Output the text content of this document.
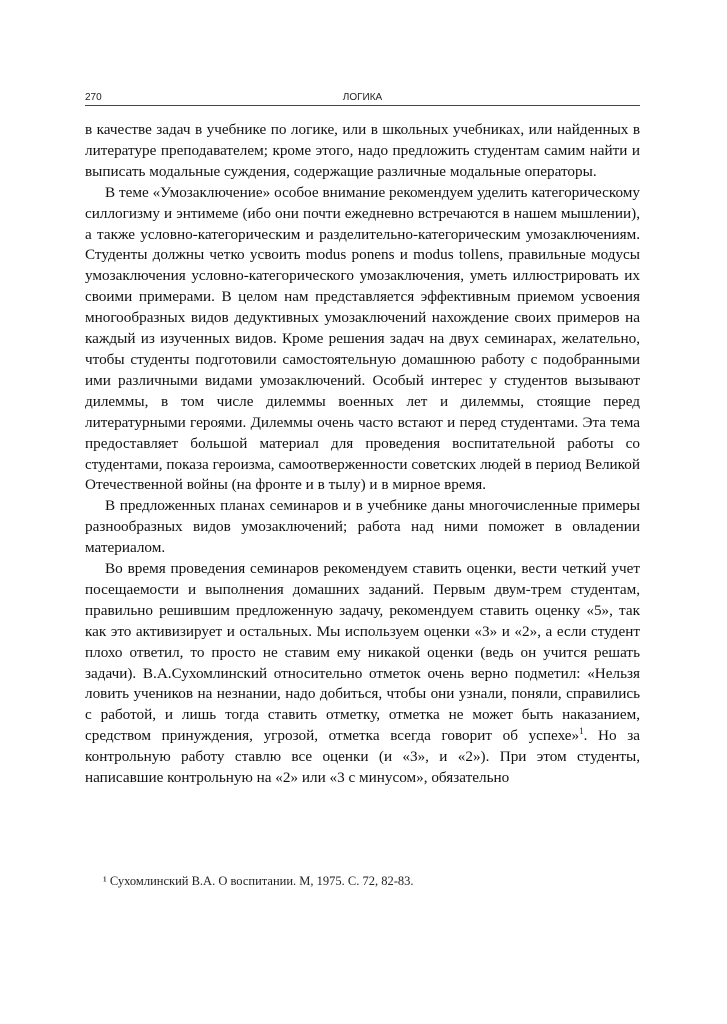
270	ЛОГИКА

в качестве задач в учебнике по логике, или в школьных учебниках, или найденных в литературе преподавателем; кроме этого, надо предложить студентам самим найти и выписать модальные суждения, содержащие различные модальные операторы.

В теме «Умозаключение» особое внимание рекомендуем уделить категорическому силлогизму и энтимеме (ибо они почти ежедневно встречаются в нашем мышлении), а также условно-категорическим и разделительно-категорическим умозаключениям. Студенты должны четко усвоить modus ponens и modus tollens, правильные модусы умозаключения условно-категорического умозаключения, уметь иллюстрировать их своими примерами. В целом нам представляется эффективным приемом усвоения многообразных видов дедуктивных умозаключений нахождение своих примеров на каждый из изученных видов. Кроме решения задач на двух семинарах, желательно, чтобы студенты подготовили самостоятельную домашнюю работу с подобранными ими различными видами умозаключений. Особый интерес у студентов вызывают дилеммы, в том числе дилеммы военных лет и дилеммы, стоящие перед литературными героями. Дилеммы очень часто встают и перед студентами. Эта тема предоставляет большой материал для проведения воспитательной работы со студентами, показа героизма, самоотверженности советских людей в период Великой Отечественной войны (на фронте и в тылу) и в мирное время.

В предложенных планах семинаров и в учебнике даны многочисленные примеры разнообразных видов умозаключений; работа над ними поможет в овладении материалом.

Во время проведения семинаров рекомендуем ставить оценки, вести четкий учет посещаемости и выполнения домашних заданий. Первым двум-трем студентам, правильно решившим предложенную задачу, рекомендуем ставить оценку «5», так как это активизирует и остальных. Мы используем оценки «3» и «2», а если студент плохо ответил, то просто не ставим ему никакой оценки (ведь он учится решать задачи). В.А.Сухомлинский относительно отметок очень верно подметил: «Нельзя ловить учеников на незнании, надо добиться, чтобы они узнали, поняли, справились с работой, и лишь тогда ставить отметку, отметка не может быть наказанием, средством принуждения, угрозой, отметка всегда говорит об успехе»$^1$. Но за контрольную работу ставлю все оценки (и «3», и «2»). При этом студенты, написавшие контрольную на «2» или «3 с минусом», обязательно

¹ Сухомлинский В.А. О воспитании. М, 1975. С. 72, 82-83.
